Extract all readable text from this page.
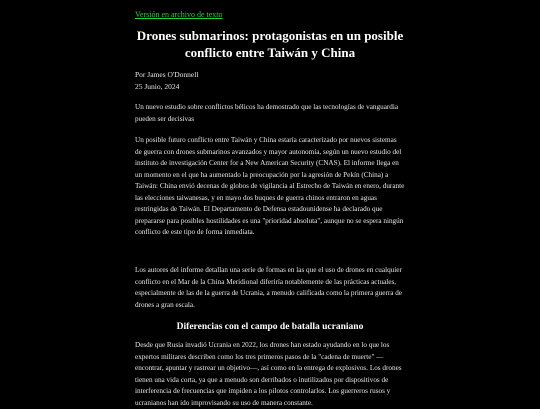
Versión en archivo de texto
Drones submarinos: protagonistas en un posible conflicto entre Taiwán y China
Por James O'Donnell
25 Junio, 2024

Un nuevo estudio sobre conflictos bélicos ha demostrado que las tecnologías de vanguardia pueden ser decisivas

Un posible futuro conflicto entre Taiwán y China estaría caracterizado por nuevos sistemas de guerra con drones submarinos avanzados y mayor autonomía, según un nuevo estudio del instituto de investigación Center for a New American Security (CNAS). El informe llega en un momento en el que ha aumentado la preocupación por la agresión de Pekín (China) a Taiwán: China envió decenas de globos de vigilancia al Estrecho de Taiwán en enero, durante las elecciones taiwanesas, y en mayo dos buques de guerra chinos entraron en aguas restringidas de Taiwán. El Departamento de Defensa estadounidense ha declarado que prepararse para posibles hostilidades es una "prioridad absoluta", aunque no se espera ningún conflicto de este tipo de forma inmediata.

Los autores del informe detallan una serie de formas en las que el uso de drones en cualquier conflicto en el Mar de la China Meridional diferiría notablemente de las prácticas actuales, especialmente de las de la guerra de Ucrania, a menudo calificada como la primera guerra de drones a gran escala.

Diferencias con el campo de batalla ucraniano

Desde que Rusia invadió Ucrania en 2022, los drones han estado ayudando en lo que los expertos militares describen como los tres primeros pasos de la "cadena de muerte" —encontrar, apuntar y rastrear un objetivo—, así como en la entrega de explosivos. Los drones tienen una vida corta, ya que a menudo son derribados o inutilizados por dispositivos de interferencia de frecuencias que impiden a los pilotos controlarlos. Los guerreros rusos y ucranianos han ido improvisando su uso de manera constante.
